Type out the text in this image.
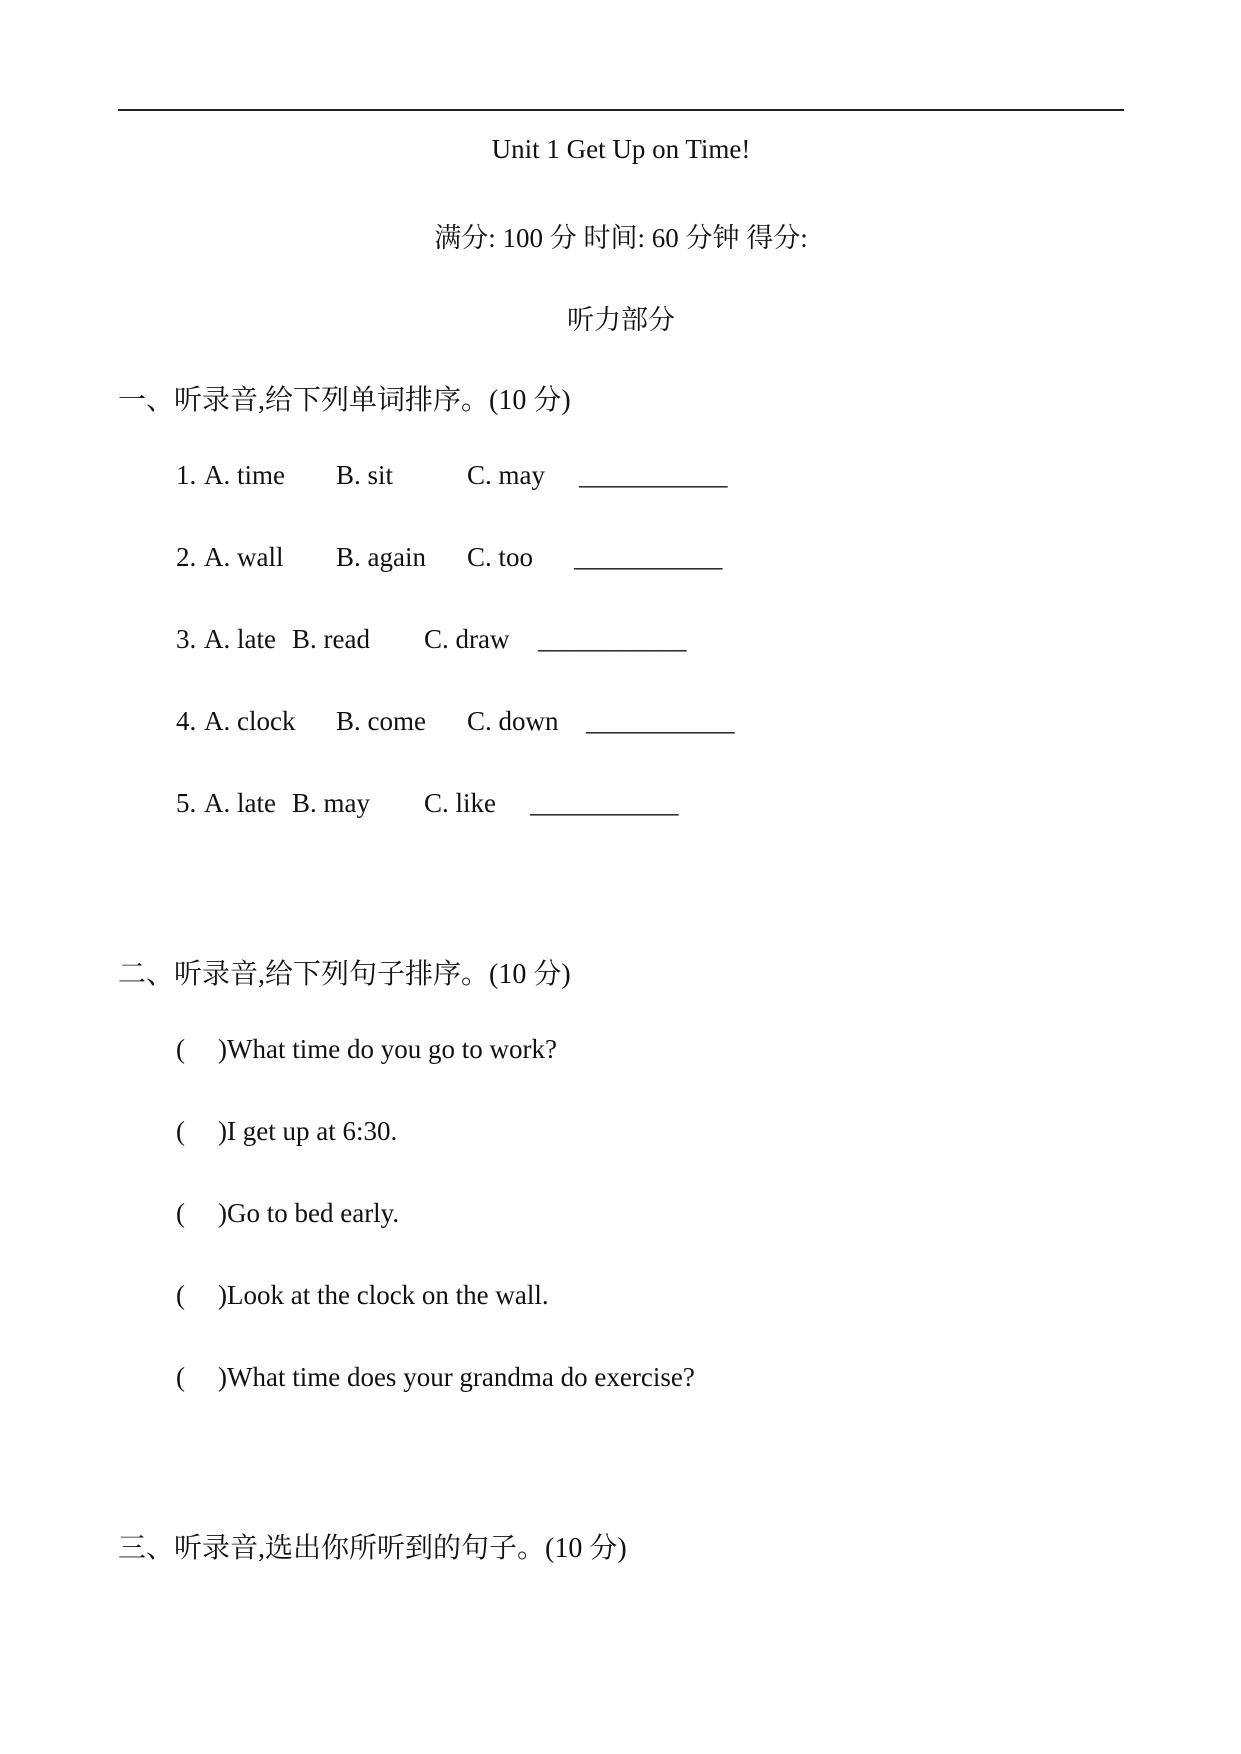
Unit 1 Get Up on Time!
满分: 100 分 时间: 60 分钟 得分:
听力部分
一、听录音,给下列单词排序。(10 分)
1. A. time B. sit	C. may ___________
2. A. wall B. again C. too ___________
3. A. late B. read C. draw ___________
4. A. clock B. come C. down ___________
5. A. late B. may C. like ___________
二、听录音,给下列句子排序。(10 分)
( )What time do you go to work?
( )I get up at 6:30.
( )Go to bed early.
( )Look at the clock on the wall.
( )What time does your grandma do exercise?
三、听录音,选出你所听到的句子。(10 分)
